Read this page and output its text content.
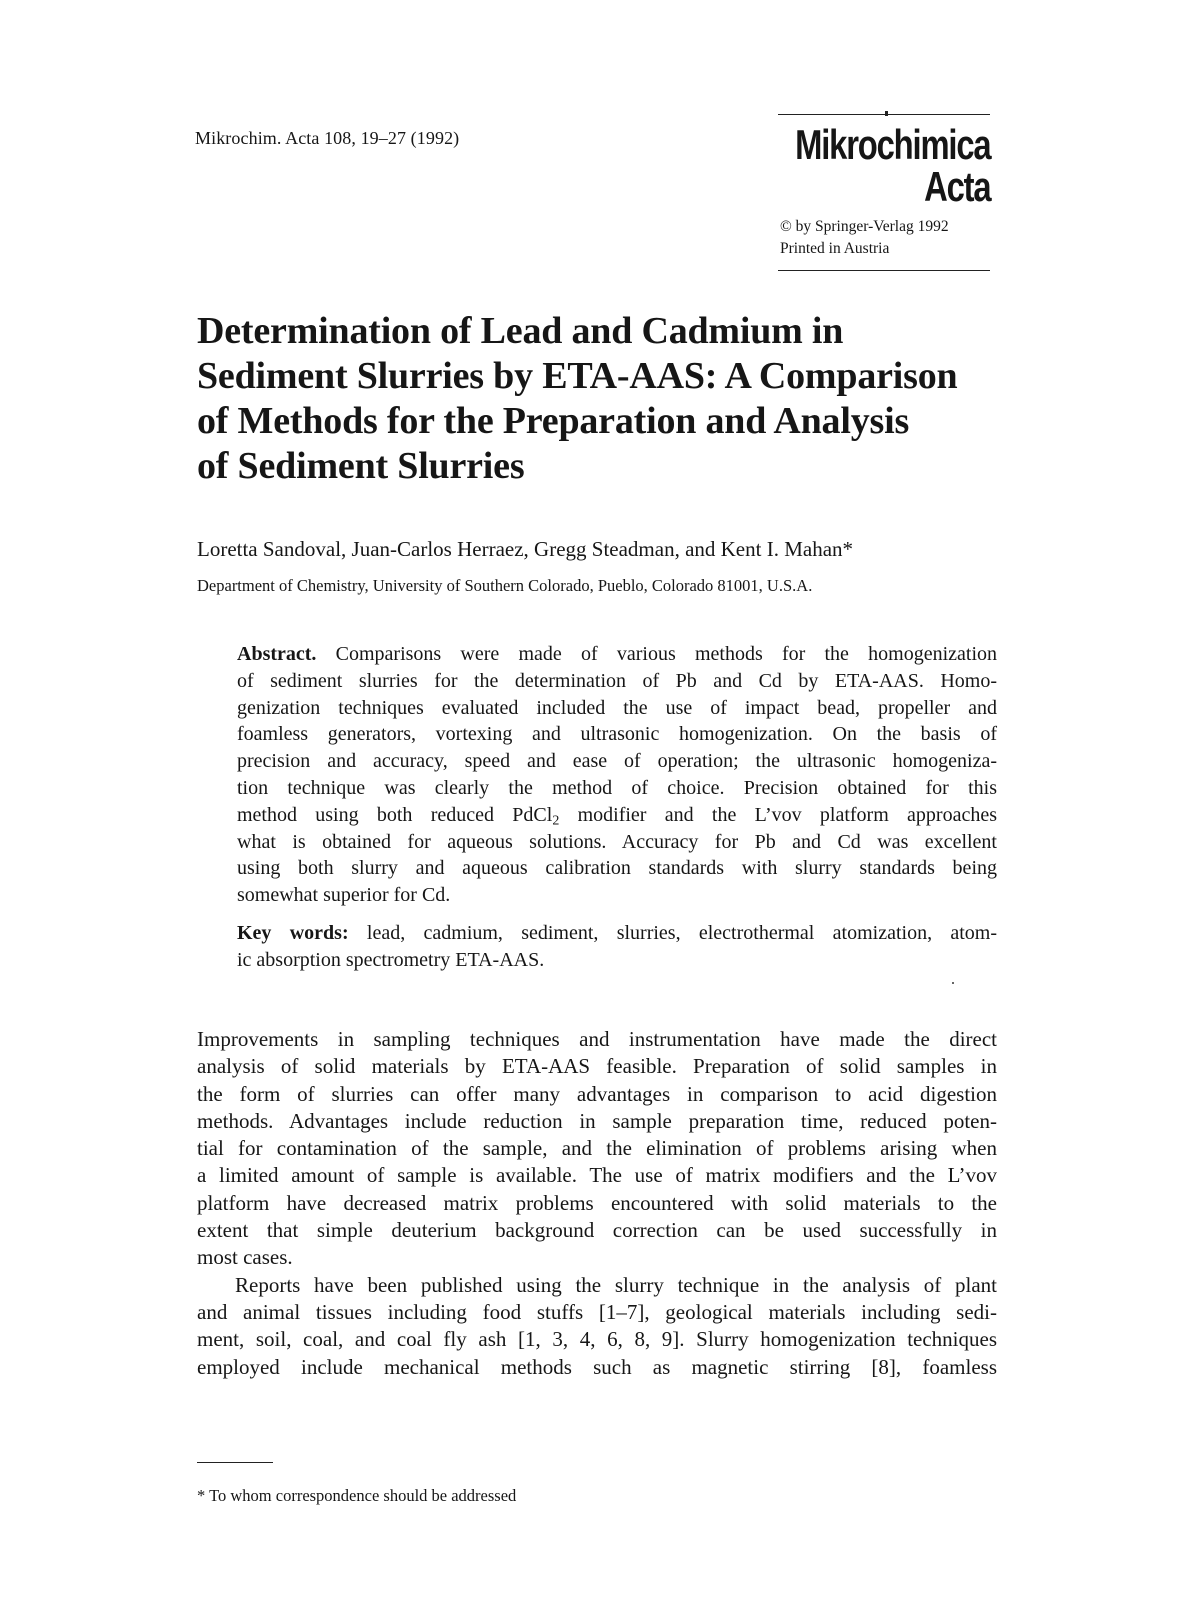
Mikrochim. Acta 108, 19–27 (1992)	Mikrochimica
Acta
© by Springer-Verlag 1992
Printed in Austria
Determination of Lead and Cadmium in
Sediment Slurries by ETA-AAS: A Comparison
of Methods for the Preparation and Analysis
of Sediment Slurries
Loretta Sandoval, Juan-Carlos Herraez, Gregg Steadman, and Kent I. Mahan*
Department of Chemistry, University of Southern Colorado, Pueblo, Colorado 81001, U.S.A.
Abstract. Comparisons were made of various methods for the homogenization
of sediment slurries for the determination of Pb and Cd by ETA-AAS. Homo-
genization techniques evaluated included the use of impact bead, propeller and
foamless generators, vortexing and ultrasonic homogenization. On the basis of
precision and accuracy, speed and ease of operation; the ultrasonic homogeniza-
tion technique was clearly the method of choice. Precision obtained for this
method using both reduced PdCl$_2$ modifier and the L’vov platform approaches
what is obtained for aqueous solutions. Accuracy for Pb and Cd was excellent
using both slurry and aqueous calibration standards with slurry standards being
somewhat superior for Cd.
Key words: lead, cadmium, sediment, slurries, electrothermal atomization, atom-
ic absorption spectrometry ETA-AAS.
Improvements in sampling techniques and instrumentation have made the direct
analysis of solid materials by ETA-AAS feasible. Preparation of solid samples in
the form of slurries can offer many advantages in comparison to acid digestion
methods. Advantages include reduction in sample preparation time, reduced poten-
tial for contamination of the sample, and the elimination of problems arising when
a limited amount of sample is available. The use of matrix modifiers and the L’vov
platform have decreased matrix problems encountered with solid materials to the
extent that simple deuterium background correction can be used successfully in
most cases.
Reports have been published using the slurry technique in the analysis of plant
and animal tissues including food stuffs [1–7], geological materials including sedi-
ment, soil, coal, and coal fly ash [1, 3, 4, 6, 8, 9]. Slurry homogenization techniques
employed include mechanical methods such as magnetic stirring [8], foamless
* To whom correspondence should be addressed
